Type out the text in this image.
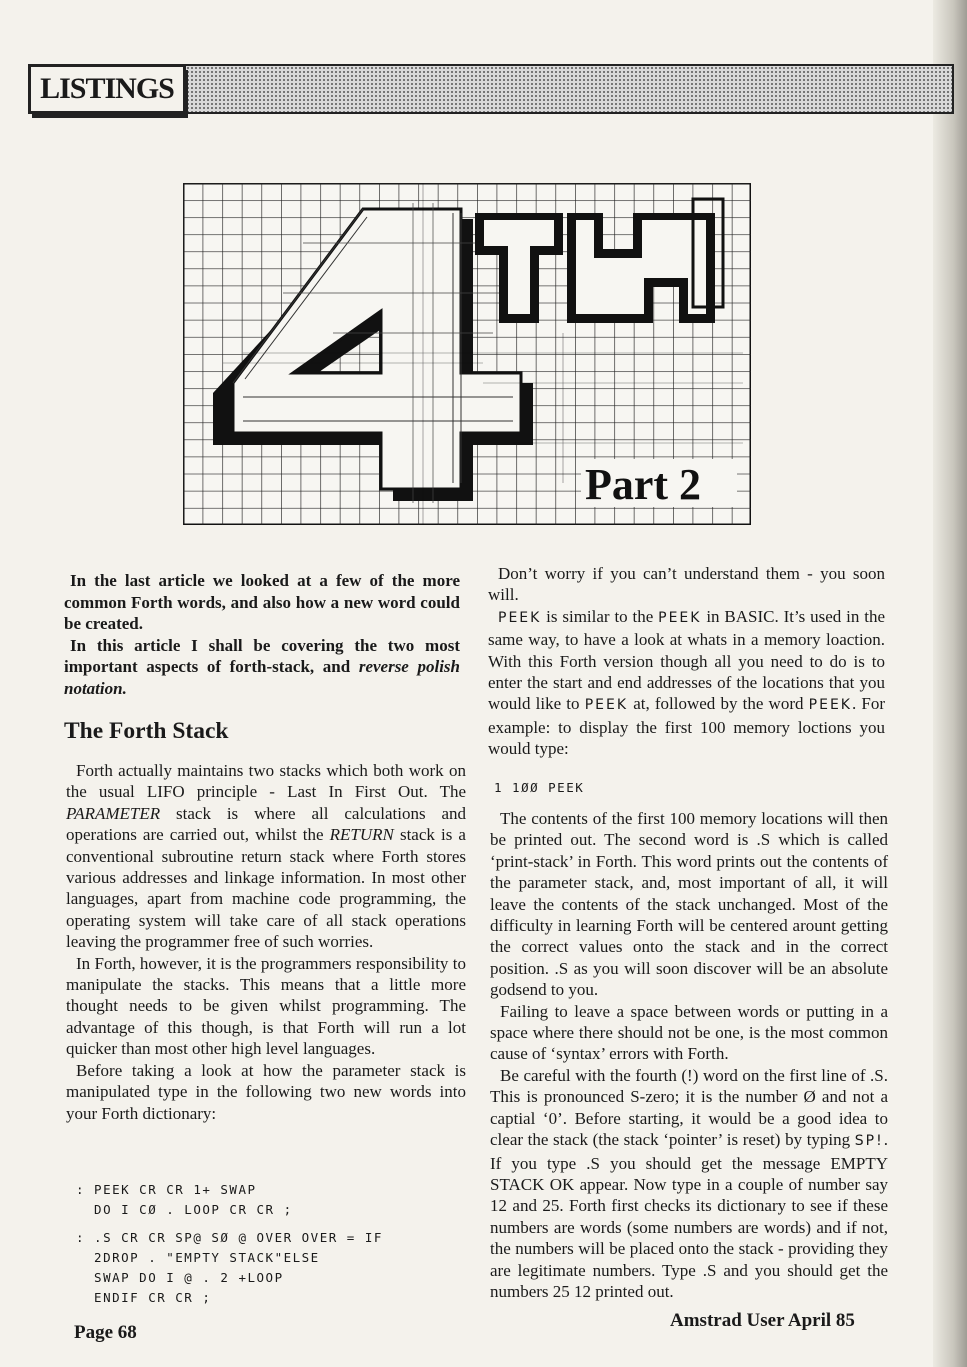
LISTINGS
Part 2

In the last article we looked at a few of the more common Forth words, and also how a new word could be created.

In this article I shall be covering the two most important aspects of forth-stack, and reverse polish notation.

The Forth Stack

Forth actually maintains two stacks which both work on the usual LIFO principle - Last In First Out. The PARAMETER stack is where all calculations and operations are carried out, whilst the RETURN stack is a conventional subroutine return stack where Forth stores various addresses and linkage information. In most other languages, apart from machine code programming, the operating system will take care of all stack operations leaving the programmer free of such worries.

In Forth, however, it is the programmers responsibility to manipulate the stacks. This means that a little more thought needs to be given whilst programming. The advantage of this though, is that Forth will run a lot quicker than most other high level languages.

Before taking a look at how the parameter stack is manipulated type in the following two new words into your Forth dictionary:

: PEEK CR CR 1+ SWAP
DO I CØ . LOOP CR CR ;
: .S CR CR SP@ SØ @ OVER OVER = IF
2DROP . "EMPTY STACK"ELSE
SWAP DO I @ . 2 +LOOP
ENDIF CR CR ;

Don’t worry if you can’t understand them - you soon will.

PEEK is similar to the PEEK in BASIC. It’s used in the same way, to have a look at whats in a memory loaction. With this Forth version though all you need to do is to enter the start and end addresses of the locations that you would like to PEEK at, followed by the word PEEK. For example: to display the first 100 memory loctions you would type:

1 1ØØ PEEK

The contents of the first 100 memory locations will then be printed out. The second word is .S which is called ‘print-stack’ in Forth. This word prints out the contents of the parameter stack, and, most important of all, it will leave the contents of the stack unchanged. Most of the difficulty in learning Forth will be centered arount getting the correct values onto the stack and in the correct position. .S as you will soon discover will be an absolute godsend to you.

Failing to leave a space between words or putting in a space where there should not be one, is the most common cause of ‘syntax’ errors with Forth.

Be careful with the fourth (!) word on the first line of .S. This is pronounced S-zero; it is the number Ø and not a captial ‘0’. Before starting, it would be a good idea to clear the stack (the stack ‘pointer’ is reset) by typing SP!. If you type .S you should get the message EMPTY STACK OK appear. Now type in a couple of number say 12 and 25. Forth first checks its dictionary to see if these numbers are words (some numbers are words) and if not, the numbers will be placed onto the stack - providing they are legitimate numbers. Type .S and you should get the numbers 25 12 printed out.

Page 68
Amstrad User April 85
